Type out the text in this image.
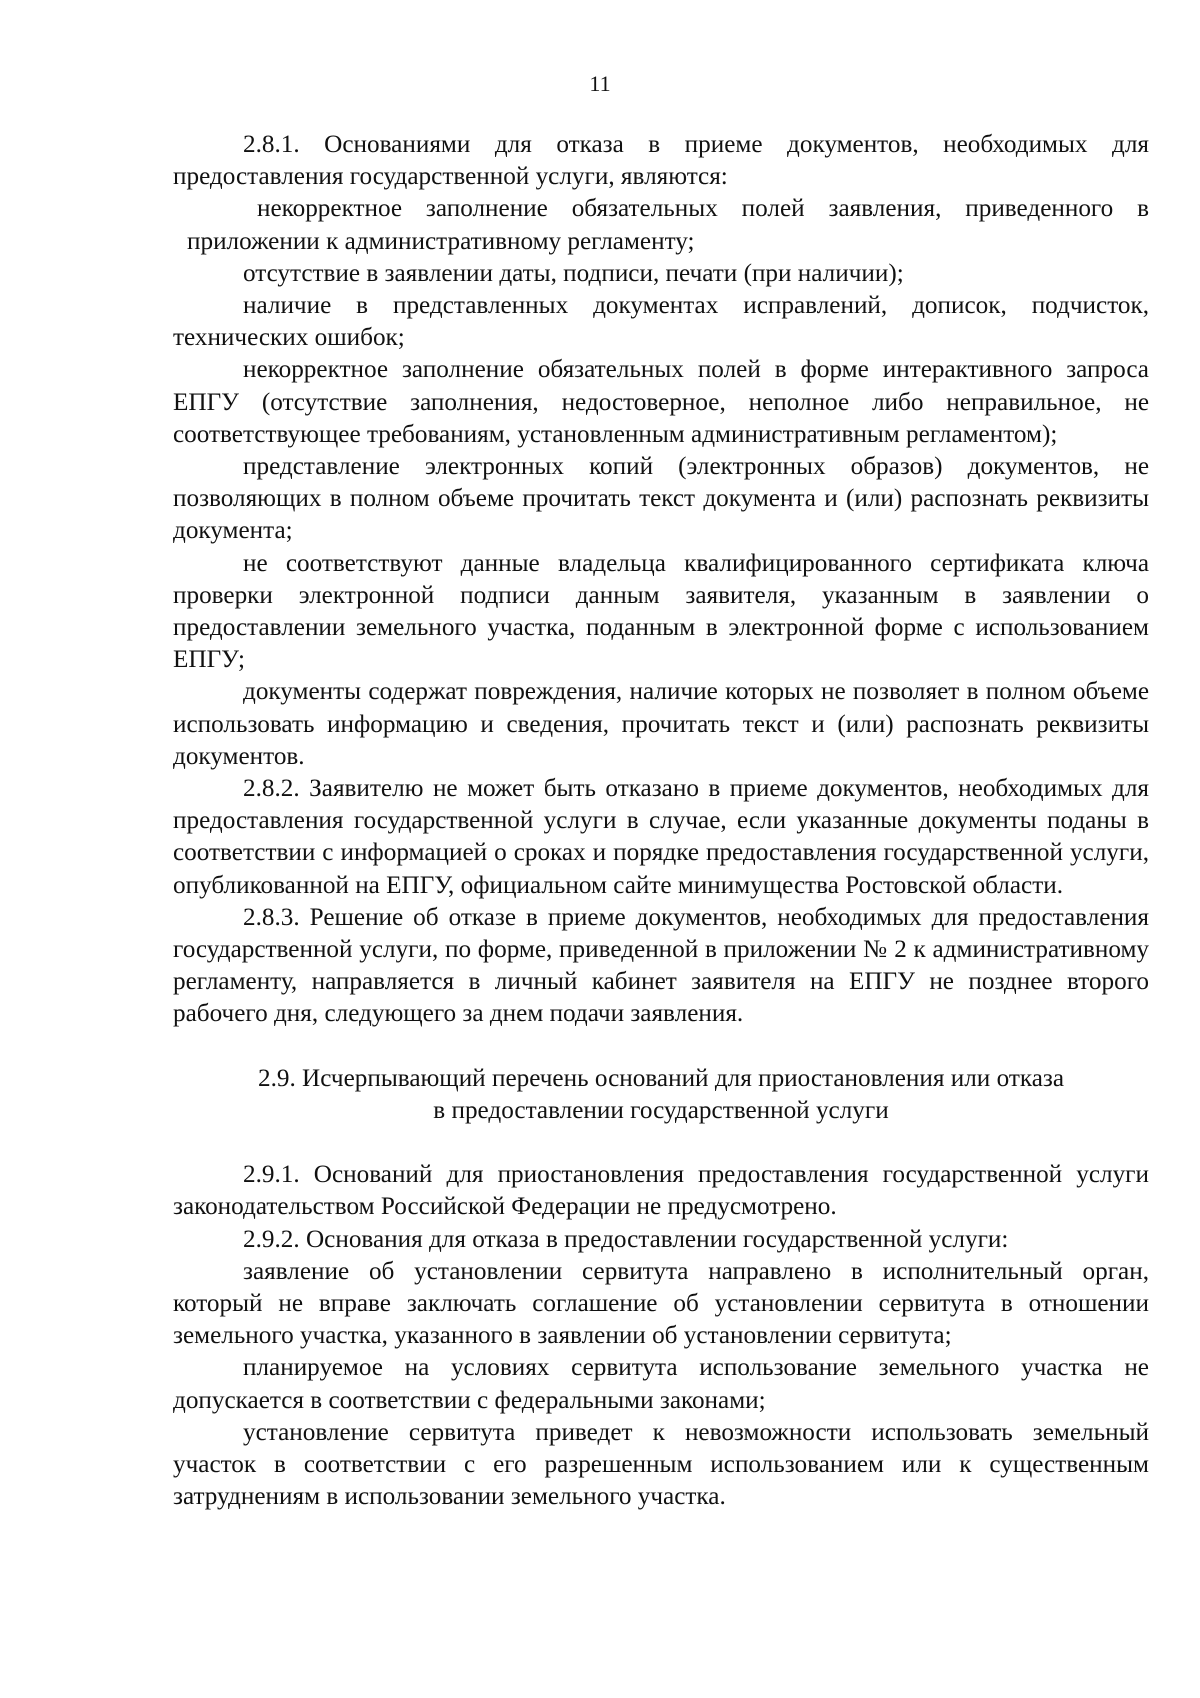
11

2.8.1. Основаниями для отказа в приеме документов, необходимых для предоставления государственной услуги, являются:

некорректное заполнение обязательных полей заявления, приведенного в приложении к административному регламенту;

отсутствие в заявлении даты, подписи, печати (при наличии);

наличие в представленных документах исправлений, дописок, подчисток, технических ошибок;

некорректное заполнение обязательных полей в форме интерактивного запроса ЕПГУ (отсутствие заполнения, недостоверное, неполное либо неправильное, не соответствующее требованиям, установленным административным регламентом);

представление электронных копий (электронных образов) документов, не позволяющих в полном объеме прочитать текст документа и (или) распознать реквизиты документа;

не соответствуют данные владельца квалифицированного сертификата ключа проверки электронной подписи данным заявителя, указанным в заявлении о предоставлении земельного участка, поданным в электронной форме с использованием ЕПГУ;

документы содержат повреждения, наличие которых не позволяет в полном объеме использовать информацию и сведения, прочитать текст и (или) распознать реквизиты документов.

2.8.2. Заявителю не может быть отказано в приеме документов, необходимых для предоставления государственной услуги в случае, если указанные документы поданы в соответствии с информацией о сроках и порядке предоставления государственной услуги, опубликованной на ЕПГУ, официальном сайте минимущества Ростовской области.

2.8.3. Решение об отказе в приеме документов, необходимых для предоставления государственной услуги, по форме, приведенной в приложении № 2 к административному регламенту, направляется в личный кабинет заявителя на ЕПГУ не позднее второго рабочего дня, следующего за днем подачи заявления.

2.9. Исчерпывающий перечень оснований для приостановления или отказа
в предоставлении государственной услуги

2.9.1. Оснований для приостановления предоставления государственной услуги законодательством Российской Федерации не предусмотрено.

2.9.2. Основания для отказа в предоставлении государственной услуги:

заявление об установлении сервитута направлено в исполнительный орган, который не вправе заключать соглашение об установлении сервитута в отношении земельного участка, указанного в заявлении об установлении сервитута;

планируемое на условиях сервитута использование земельного участка не допускается в соответствии с федеральными законами;

установление сервитута приведет к невозможности использовать земельный участок в соответствии с его разрешенным использованием или к существенным затруднениям в использовании земельного участка.
